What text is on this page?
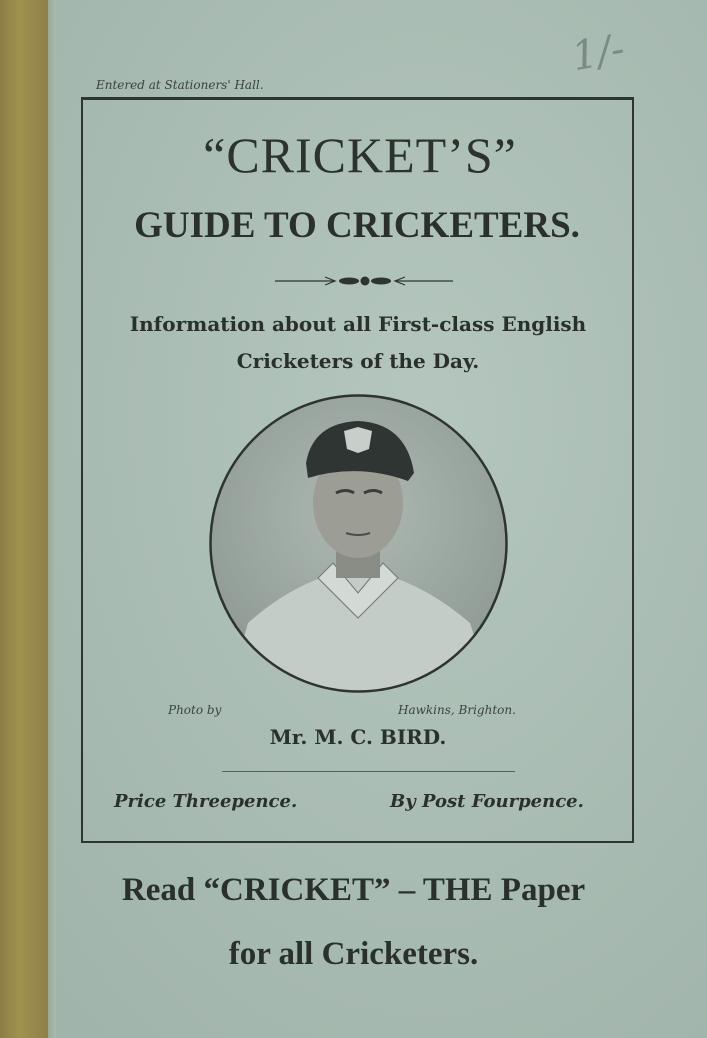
1/-
Entered at Stationers' Hall.
“CRICKET’S”
GUIDE TO CRICKETERS.
Information about all First-class English
Cricketers of the Day.
Photo by	Hawkins, Brighton.
Mr. M. C. BIRD.
Price Threepence.	By Post Fourpence.
Read “CRICKET” – THE Paper
for all Cricketers.
